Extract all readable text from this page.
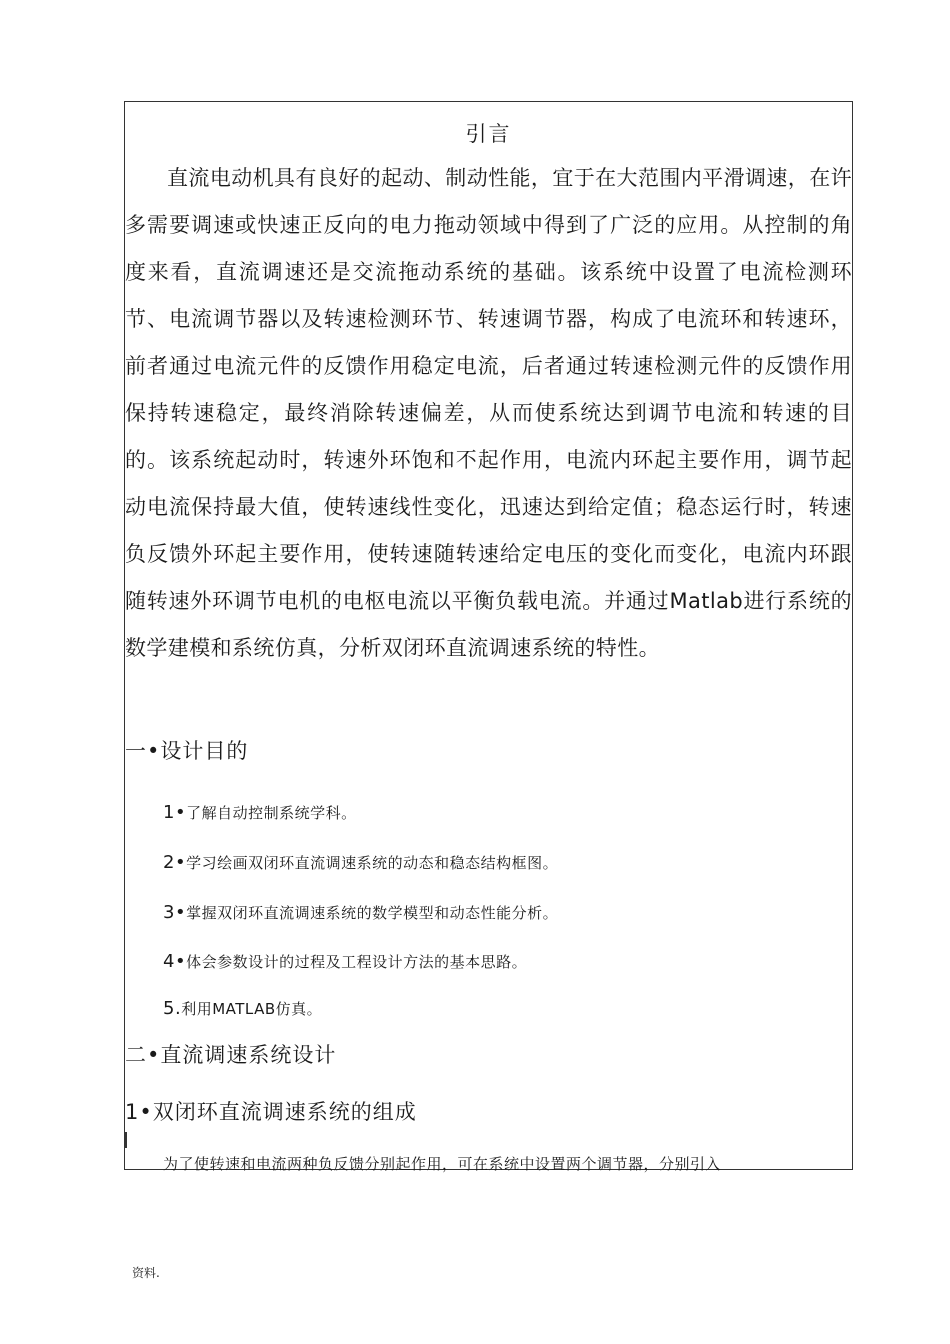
引言

直流电动机具有良好的起动、制动性能，宜于在大范围内平滑调速，在许多需要调速或快速正反向的电力拖动领域中得到了广泛的应用。从控制的角度来看，直流调速还是交流拖动系统的基础。该系统中设置了电流检测环节、电流调节器以及转速检测环节、转速调节器，构成了电流环和转速环，前者通过电流元件的反馈作用稳定电流，后者通过转速检测元件的反馈作用保持转速稳定，最终消除转速偏差，从而使系统达到调节电流和转速的目的。该系统起动时，转速外环饱和不起作用，电流内环起主要作用，调节起动电流保持最大值，使转速线性变化，迅速达到给定值；稳态运行时，转速负反馈外环起主要作用，使转速随转速给定电压的变化而变化，电流内环跟随转速外环调节电机的电枢电流以平衡负载电流。并通过Matlab进行系统的数学建模和系统仿真，分析双闭环直流调速系统的特性。

一•设计目的
1•了解自动控制系统学科。
2•学习绘画双闭环直流调速系统的动态和稳态结构框图。
3•掌握双闭环直流调速系统的数学模型和动态性能分析。
4•体会参数设计的过程及工程设计方法的基本思路。
5.利用MATLAB仿真。
二•直流调速系统设计
1•双闭环直流调速系统的组成
为了使转速和电流两种负反馈分别起作用，可在系统中设置两个调节器，分别引入
资料.
